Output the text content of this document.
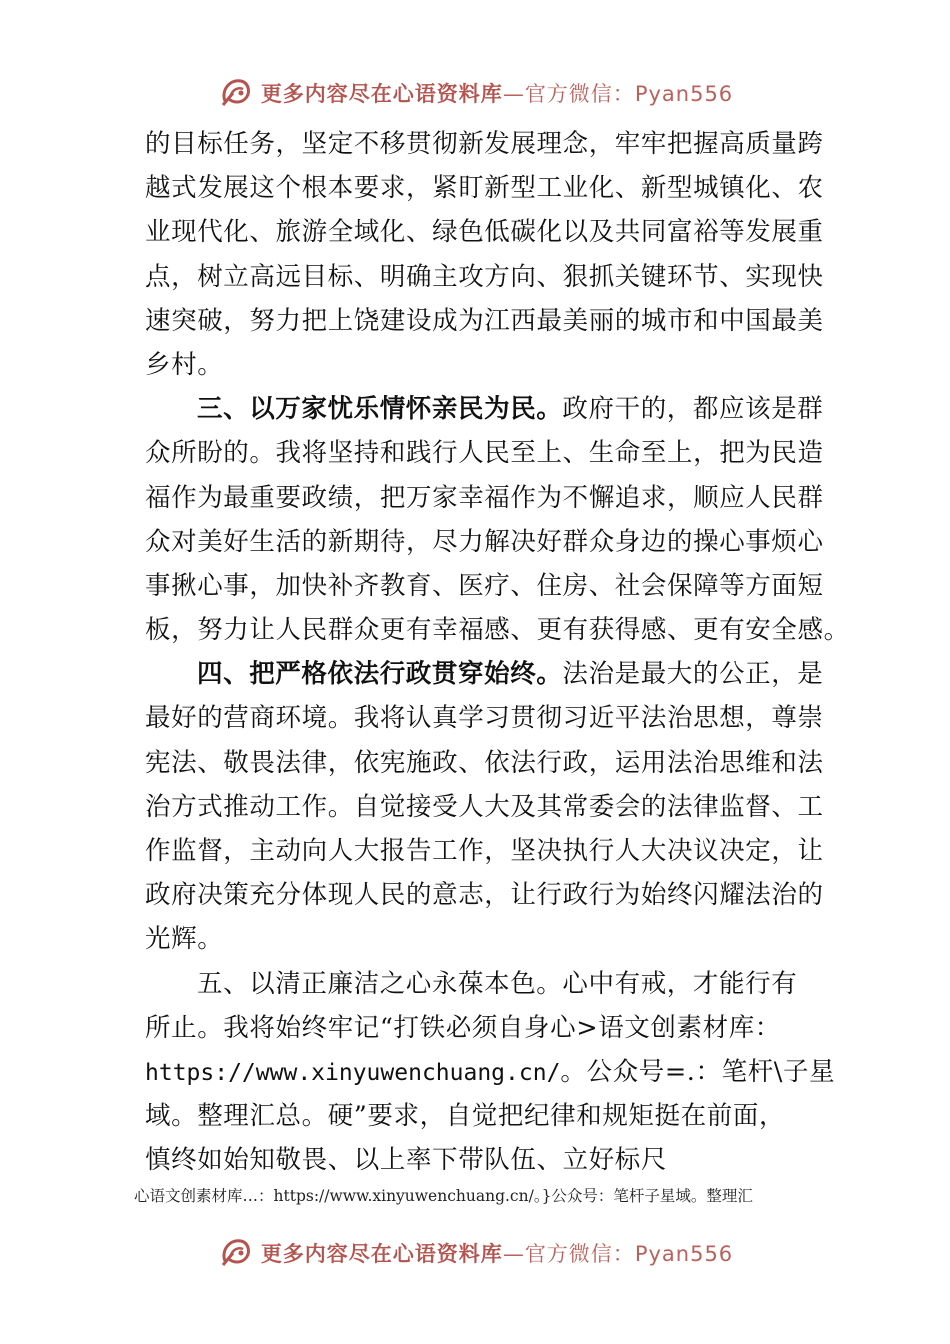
更多内容尽在心语资料库—官方微信：Pyan556
的目标任务，坚定不移贯彻新发展理念，牢牢把握高质量跨
越式发展这个根本要求，紧盯新型工业化、新型城镇化、农
业现代化、旅游全域化、绿色低碳化以及共同富裕等发展重
点，树立高远目标、明确主攻方向、狠抓关键环节、实现快
速突破，努力把上饶建设成为江西最美丽的城市和中国最美
乡村。
三、以万家忧乐情怀亲民为民。政府干的，都应该是群
众所盼的。我将坚持和践行人民至上、生命至上，把为民造
福作为最重要政绩，把万家幸福作为不懈追求，顺应人民群
众对美好生活的新期待，尽力解决好群众身边的操心事烦心
事揪心事，加快补齐教育、医疗、住房、社会保障等方面短
板，努力让人民群众更有幸福感、更有获得感、更有安全感。
四、把严格依法行政贯穿始终。法治是最大的公正，是
最好的营商环境。我将认真学习贯彻习近平法治思想，尊崇
宪法、敬畏法律，依宪施政、依法行政，运用法治思维和法
治方式推动工作。自觉接受人大及其常委会的法律监督、工
作监督，主动向人大报告工作，坚决执行人大决议决定，让
政府决策充分体现人民的意志，让行政行为始终闪耀法治的
光辉。
五、以清正廉洁之心永葆本色。心中有戒，才能行有
所止。我将始终牢记“打铁必须自身心>语文创素材库：
https://www.xinyuwenchuang.cn/。公众号=.：笔杆\子星
域。整理汇总。硬”要求，自觉把纪律和规矩挺在前面，
慎终如始知敬畏、以上率下带队伍、立好标尺
心语文创素材库…：https://www.xinyuwenchuang.cn/。}公众号：笔杆子星域。整理汇
更多内容尽在心语资料库—官方微信：Pyan556
